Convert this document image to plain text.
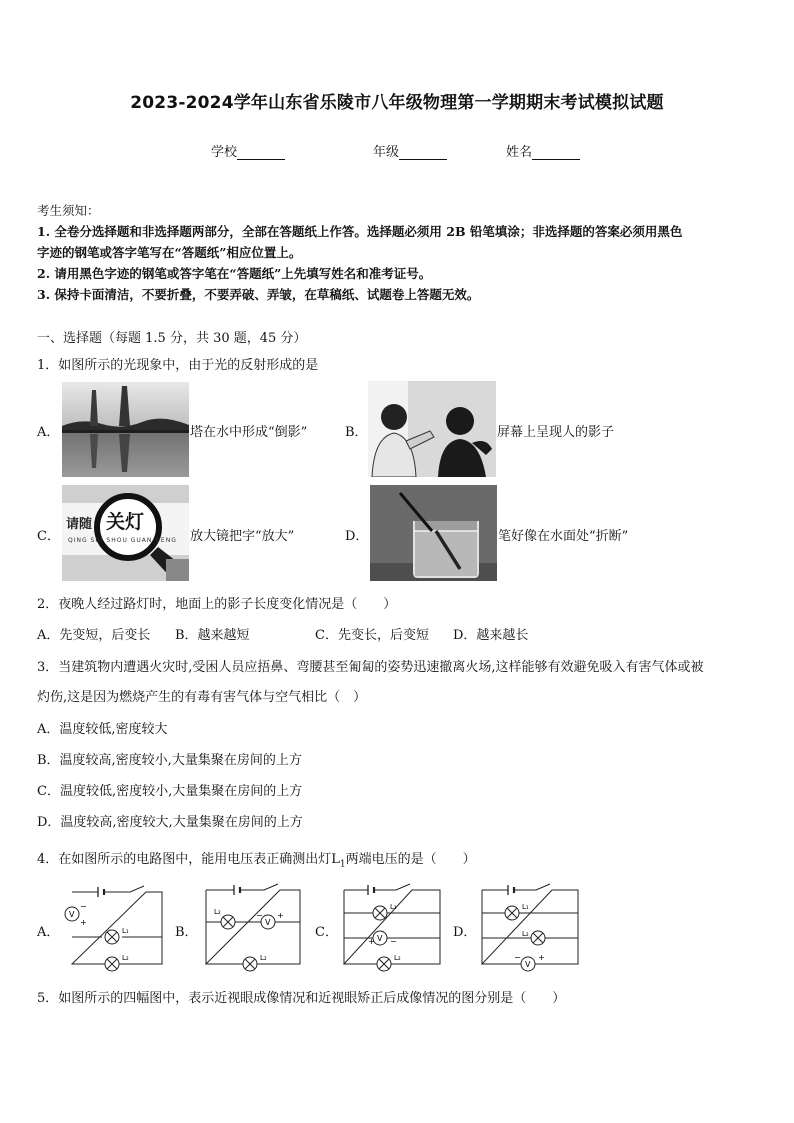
2023-2024学年山东省乐陵市八年级物理第一学期期末考试模拟试题
学校	年级	姓名
考生须知：
1. 全卷分选择题和非选择题两部分，全部在答题纸上作答。选择题必须用 2B 铅笔填涂；非选择题的答案必须用黑色
字迹的钢笔或答字笔写在“答题纸”相应位置上。
2. 请用黑色字迹的钢笔或答字笔在“答题纸”上先填写姓名和准考证号。
3. 保持卡面清洁，不要折叠，不要弄破、弄皱，在草稿纸、试题卷上答题无效。
一、选择题（每题 1.5 分，共 30 题，45 分）
1．如图所示的光现象中，由于光的反射形成的是
A．	塔在水中形成“倒影”	B．	屏幕上呈现人的影子
C．
请随 关灯
QING SUI SHOU GUAN DENG 放大镜把字“放大”	D．	笔好像在水面处“折断”
2．夜晚人经过路灯时，地面上的影子长度变化情况是（　　）
A．先变短，后变长 B．越来越短	C．先变长，后变短 D．越来越长
3．当建筑物内遭遇火灾时,受困人员应捂鼻、弯腰甚至匍匐的姿势迅速撤离火场,这样能够有效避免吸入有害气体或被
灼伤,这是因为燃烧产生的有毒有害气体与空气相比（　）
A．温度较低,密度较大
B．温度较高,密度较小,大量集聚在房间的上方
C．温度较低,密度较小,大量集聚在房间的上方
D．温度较高,密度较大,大量集聚在房间的上方
4．在如图所示的电路图中，能用电压表正确测出灯$L_1$两端电压的是（　　）
A．	B．	C．	D．
V
−
+
L₁
L₂
V
− +
L₂
L₂
V
+ −
L₁
L₂
V
− +
L₁
L₂
5．如图所示的四幅图中，表示近视眼成像情况和近视眼矫正后成像情况的图分别是（　　）
